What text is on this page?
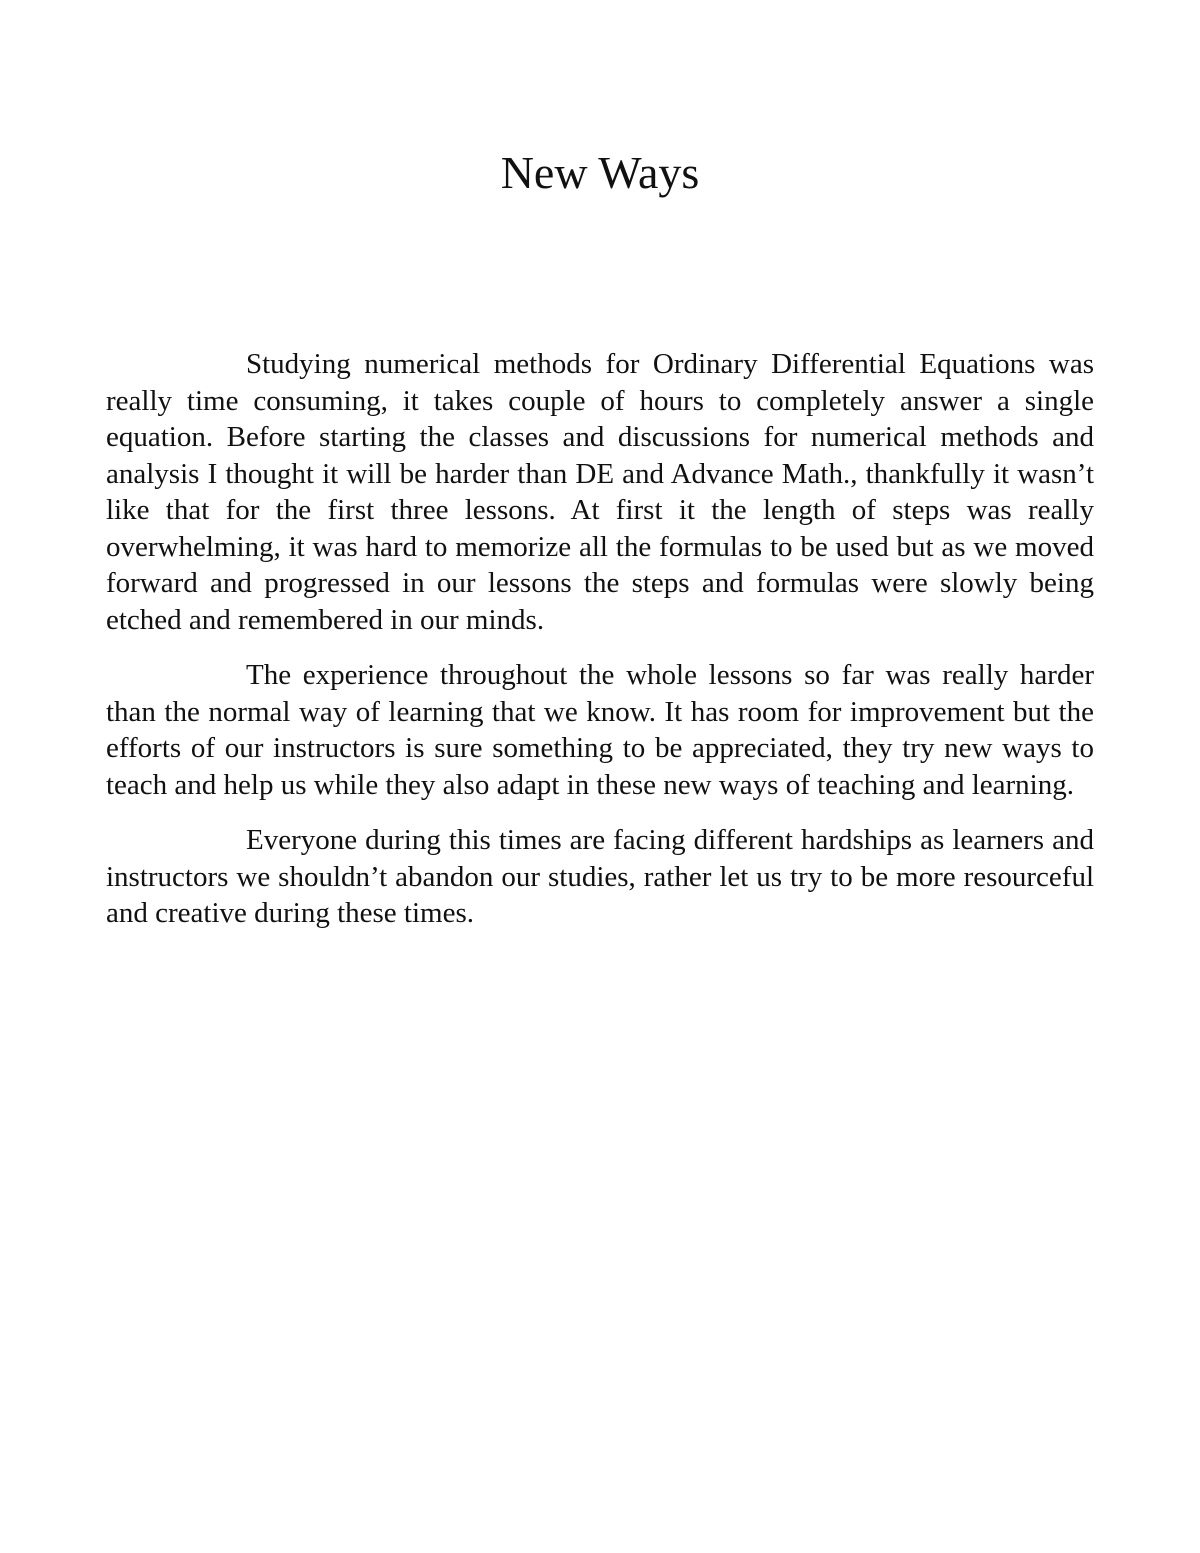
New Ways

Studying numerical methods for Ordinary Differential Equations was really time consuming, it takes couple of hours to completely answer a single equation. Before starting the classes and discussions for numerical methods and analysis I thought it will be harder than DE and Advance Math., thankfully it wasn’t like that for the first three lessons. At first it the length of steps was really overwhelming, it was hard to memorize all the formulas to be used but as we moved forward and progressed in our lessons the steps and formulas were slowly being etched and remembered in our minds.

The experience throughout the whole lessons so far was really harder than the normal way of learning that we know. It has room for improvement but the efforts of our instructors is sure something to be appreciated, they try new ways to teach and help us while they also adapt in these new ways of teaching and learning.

Everyone during this times are facing different hardships as learners and instructors we shouldn’t abandon our studies, rather let us try to be more resourceful and creative during these times.
